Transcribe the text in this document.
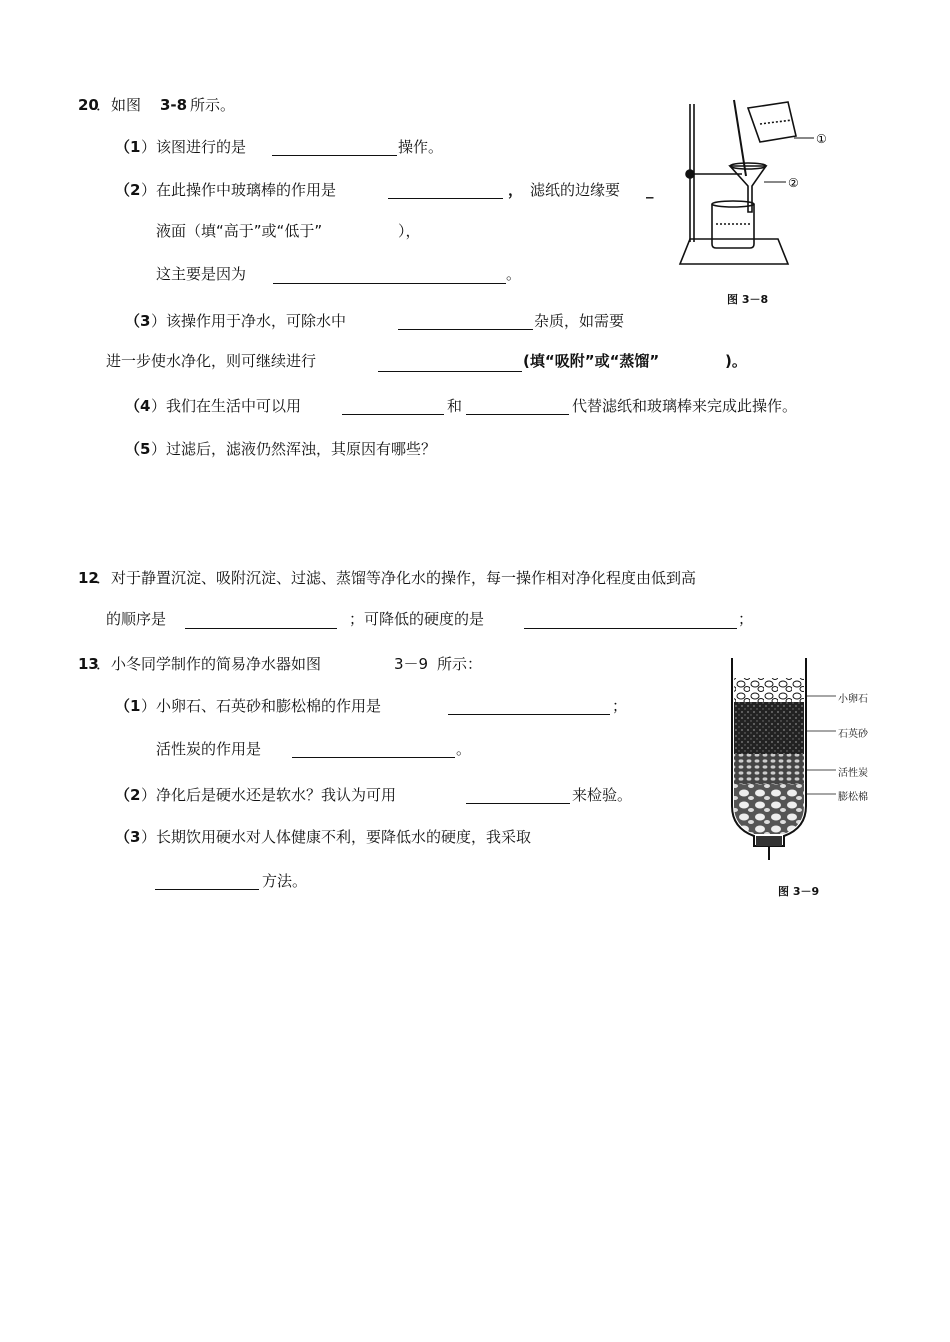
20
．如图 3-8 所示。
（1 ）该图进行的是	操作。
（2 ）在此操作中玻璃棒的作用是	， 滤纸的边缘要 _
液面（填“高于”或“低于”	），
这主要是因为	。
（3 ）该操作用于净水，可除水中	杂质，如需要
进一步使水净化，则可继续进行	(填“吸附”或“蒸馏”	)。
（4 ）我们在生活中可以用	和	代替滤纸和玻璃棒来完成此操作。
（5 ）过滤后，滤液仍然浑浊，其原因有哪些？
①
②
图 3－8
12
．对于静置沉淀、吸附沉淀、过滤、蒸馏等净化水的操作，每一操作相对净化程度由低到高
的顺序是	；可降低的硬度的是	；
13
．小冬同学制作的简易净水器如图	3－9 所示：
（1 ）小卵石、石英砂和膨松棉的作用是	；
活性炭的作用是	。
（2 ）净化后是硬水还是软水？我认为可用	来检验。
（3 ）长期饮用硬水对人体健康不利，要降低水的硬度，我采取
方法。
小卵石
石英砂
活性炭
膨松棉
图 3－9
